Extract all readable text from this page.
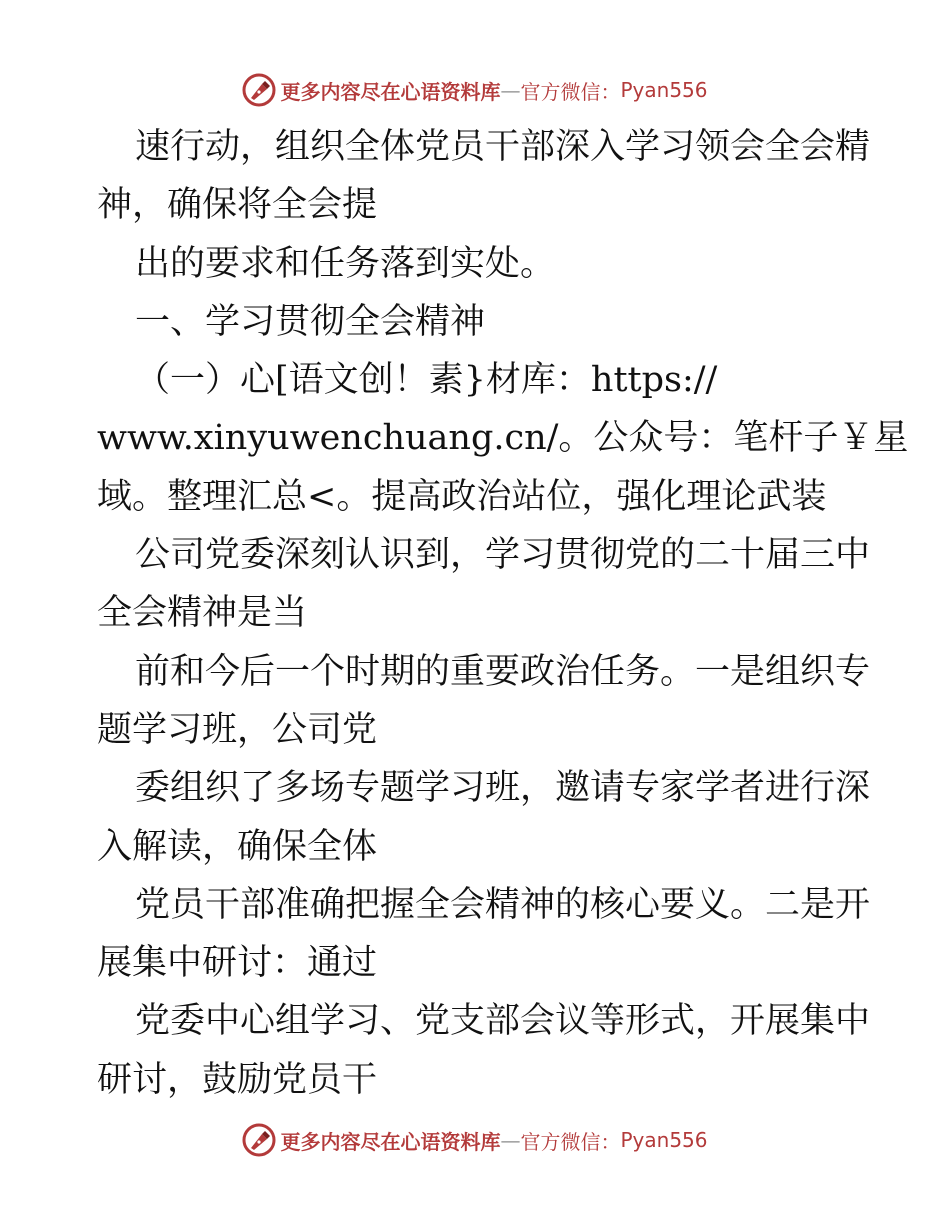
更多内容尽在心语资料库 — 官方微信： Pyan556
速行动，组织全体党员干部深入学习领会全会精
神，确保将全会提
出的要求和任务落到实处。
一、学习贯彻全会精神
（一）心[语文创！素}材库：https://
www.xinyuwenchuang.cn/。公众号：笔杆子￥星
域。整理汇总<。提高政治站位，强化理论武装
公司党委深刻认识到，学习贯彻党的二十届三中
全会精神是当
前和今后一个时期的重要政治任务。一是组织专
题学习班，公司党
委组织了多场专题学习班，邀请专家学者进行深
入解读，确保全体
党员干部准确把握全会精神的核心要义。二是开
展集中研讨：通过
党委中心组学习、党支部会议等形式，开展集中
研讨，鼓励党员干
更多内容尽在心语资料库 — 官方微信： Pyan556
